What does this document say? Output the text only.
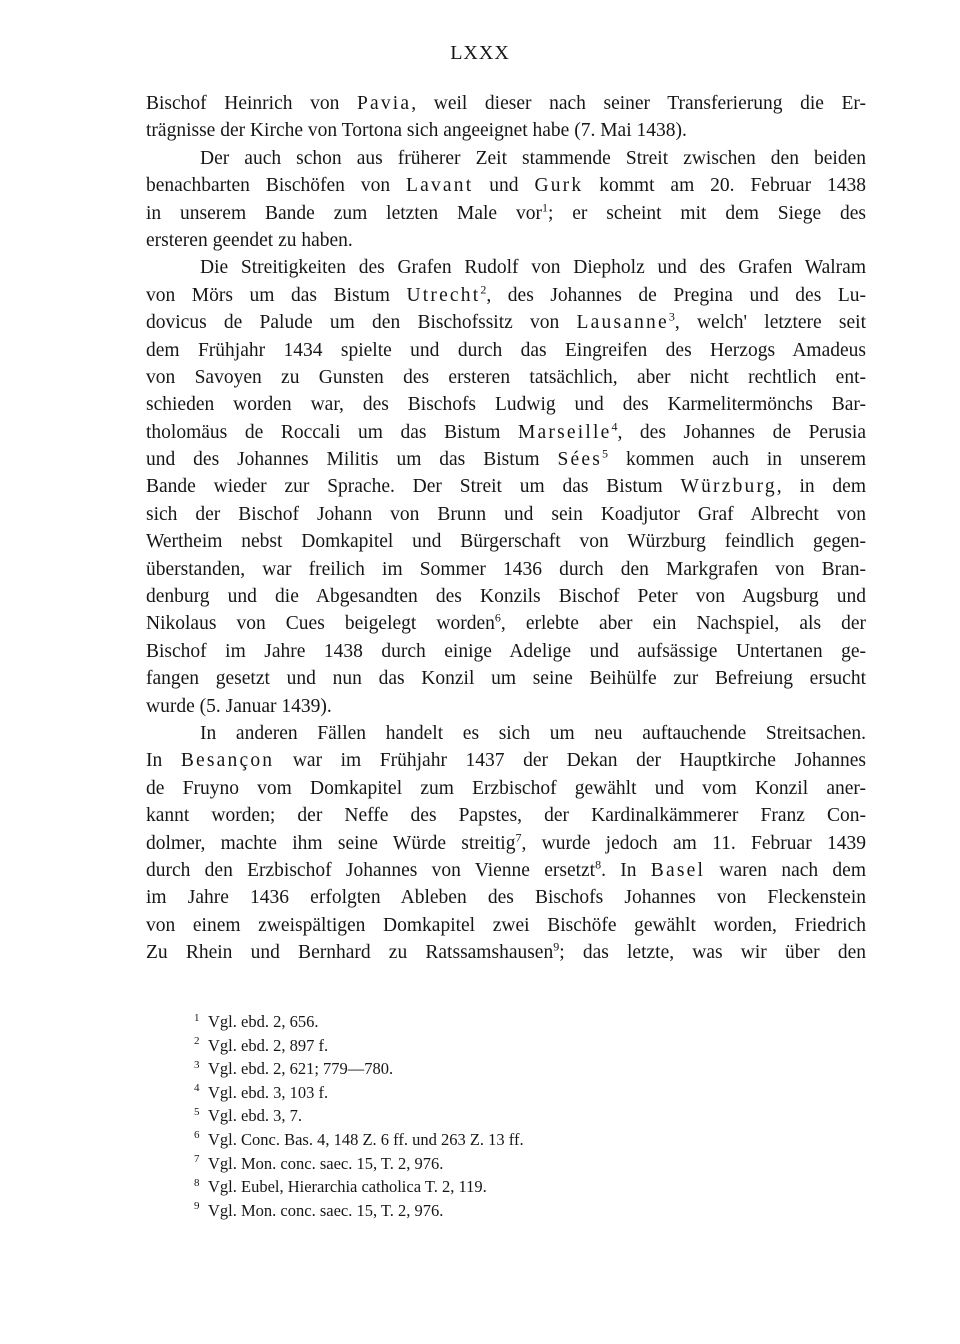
LXXX
Bischof Heinrich von Pavia, weil dieser nach seiner Transferierung die Er-
trägnisse der Kirche von Tortona sich angeeignet habe (7. Mai 1438).
Der auch schon aus früherer Zeit stammende Streit zwischen den beiden
benachbarten Bischöfen von Lavant und Gurk kommt am 20. Februar 1438
in unserem Bande zum letzten Male vor$^1$; er scheint mit dem Siege des
ersteren geendet zu haben.
Die Streitigkeiten des Grafen Rudolf von Diepholz und des Grafen Walram
von Mörs um das Bistum Utrecht$^2$, des Johannes de Pregina und des Lu-
dovicus de Palude um den Bischofssitz von Lausanne$^3$, welch' letztere seit
dem Frühjahr 1434 spielte und durch das Eingreifen des Herzogs Amadeus
von Savoyen zu Gunsten des ersteren tatsächlich, aber nicht rechtlich ent-
schieden worden war, des Bischofs Ludwig und des Karmelitermönchs Bar-
tholomäus de Roccali um das Bistum Marseille$^4$, des Johannes de Perusia
und des Johannes Militis um das Bistum Sées$^5$ kommen auch in unserem
Bande wieder zur Sprache. Der Streit um das Bistum Würzburg, in dem
sich der Bischof Johann von Brunn und sein Koadjutor Graf Albrecht von
Wertheim nebst Domkapitel und Bürgerschaft von Würzburg feindlich gegen-
überstanden, war freilich im Sommer 1436 durch den Markgrafen von Bran-
denburg und die Abgesandten des Konzils Bischof Peter von Augsburg und
Nikolaus von Cues beigelegt worden$^6$, erlebte aber ein Nachspiel, als der
Bischof im Jahre 1438 durch einige Adelige und aufsässige Untertanen ge-
fangen gesetzt und nun das Konzil um seine Beihülfe zur Befreiung ersucht
wurde (5. Januar 1439).
In anderen Fällen handelt es sich um neu auftauchende Streitsachen.
In Besançon war im Frühjahr 1437 der Dekan der Hauptkirche Johannes
de Fruyno vom Domkapitel zum Erzbischof gewählt und vom Konzil aner-
kannt worden; der Neffe des Papstes, der Kardinalkämmerer Franz Con-
dolmer, machte ihm seine Würde streitig$^7$, wurde jedoch am 11. Februar 1439
durch den Erzbischof Johannes von Vienne ersetzt$^8$. In Basel waren nach dem
im Jahre 1436 erfolgten Ableben des Bischofs Johannes von Fleckenstein
von einem zweispältigen Domkapitel zwei Bischöfe gewählt worden, Friedrich
Zu Rhein und Bernhard zu Ratssamshausen$^9$; das letzte, was wir über den
1 Vgl. ebd. 2, 656.
2 Vgl. ebd. 2, 897 f.
3 Vgl. ebd. 2, 621; 779—780.
4 Vgl. ebd. 3, 103 f.
5 Vgl. ebd. 3, 7.
6 Vgl. Conc. Bas. 4, 148 Z. 6 ff. und 263 Z. 13 ff.
7 Vgl. Mon. conc. saec. 15, T. 2, 976.
8 Vgl. Eubel, Hierarchia catholica T. 2, 119.
9 Vgl. Mon. conc. saec. 15, T. 2, 976.
